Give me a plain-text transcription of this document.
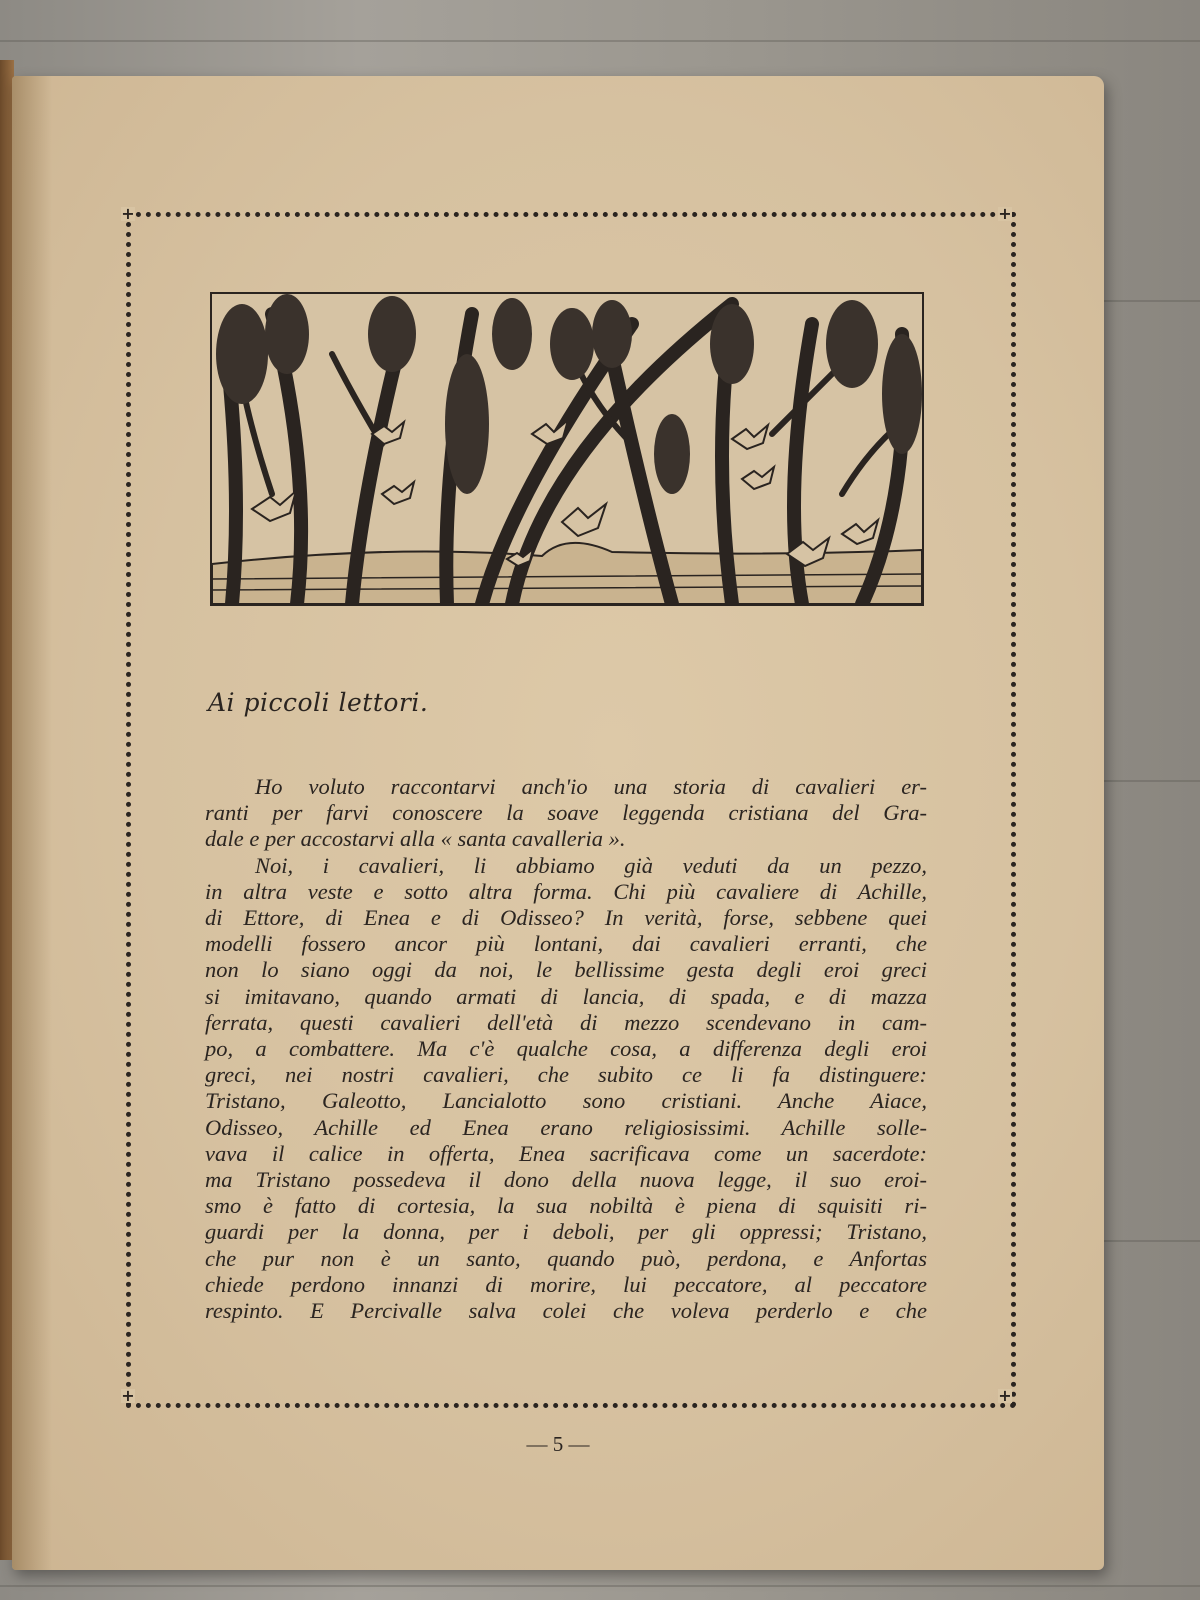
+	+
+	+
Ai piccoli lettori.
Ho voluto raccontarvi anch'io una storia di cavalieri er-
ranti per farvi conoscere la soave leggenda cristiana del Gra-
dale e per accostarvi alla « santa cavalleria ».
Noi, i cavalieri, li abbiamo già veduti da un pezzo,
in altra veste e sotto altra forma. Chi più cavaliere di Achille,
di Ettore, di Enea e di Odisseo? In verità, forse, sebbene quei
modelli fossero ancor più lontani, dai cavalieri erranti, che
non lo siano oggi da noi, le bellissime gesta degli eroi greci
si imitavano, quando armati di lancia, di spada, e di mazza
ferrata, questi cavalieri dell'età di mezzo scendevano in cam-
po, a combattere. Ma c'è qualche cosa, a differenza degli eroi
greci, nei nostri cavalieri, che subito ce li fa distinguere:
Tristano, Galeotto, Lancialotto sono cristiani. Anche Aiace,
Odisseo, Achille ed Enea erano religiosissimi. Achille solle-
vava il calice in offerta, Enea sacrificava come un sacerdote:
ma Tristano possedeva il dono della nuova legge, il suo eroi-
smo è fatto di cortesia, la sua nobiltà è piena di squisiti ri-
guardi per la donna, per i deboli, per gli oppressi; Tristano,
che pur non è un santo, quando può, perdona, e Anfortas
chiede perdono innanzi di morire, lui peccatore, al peccatore
respinto. E Percivalle salva colei che voleva perderlo e che
— 5 —
